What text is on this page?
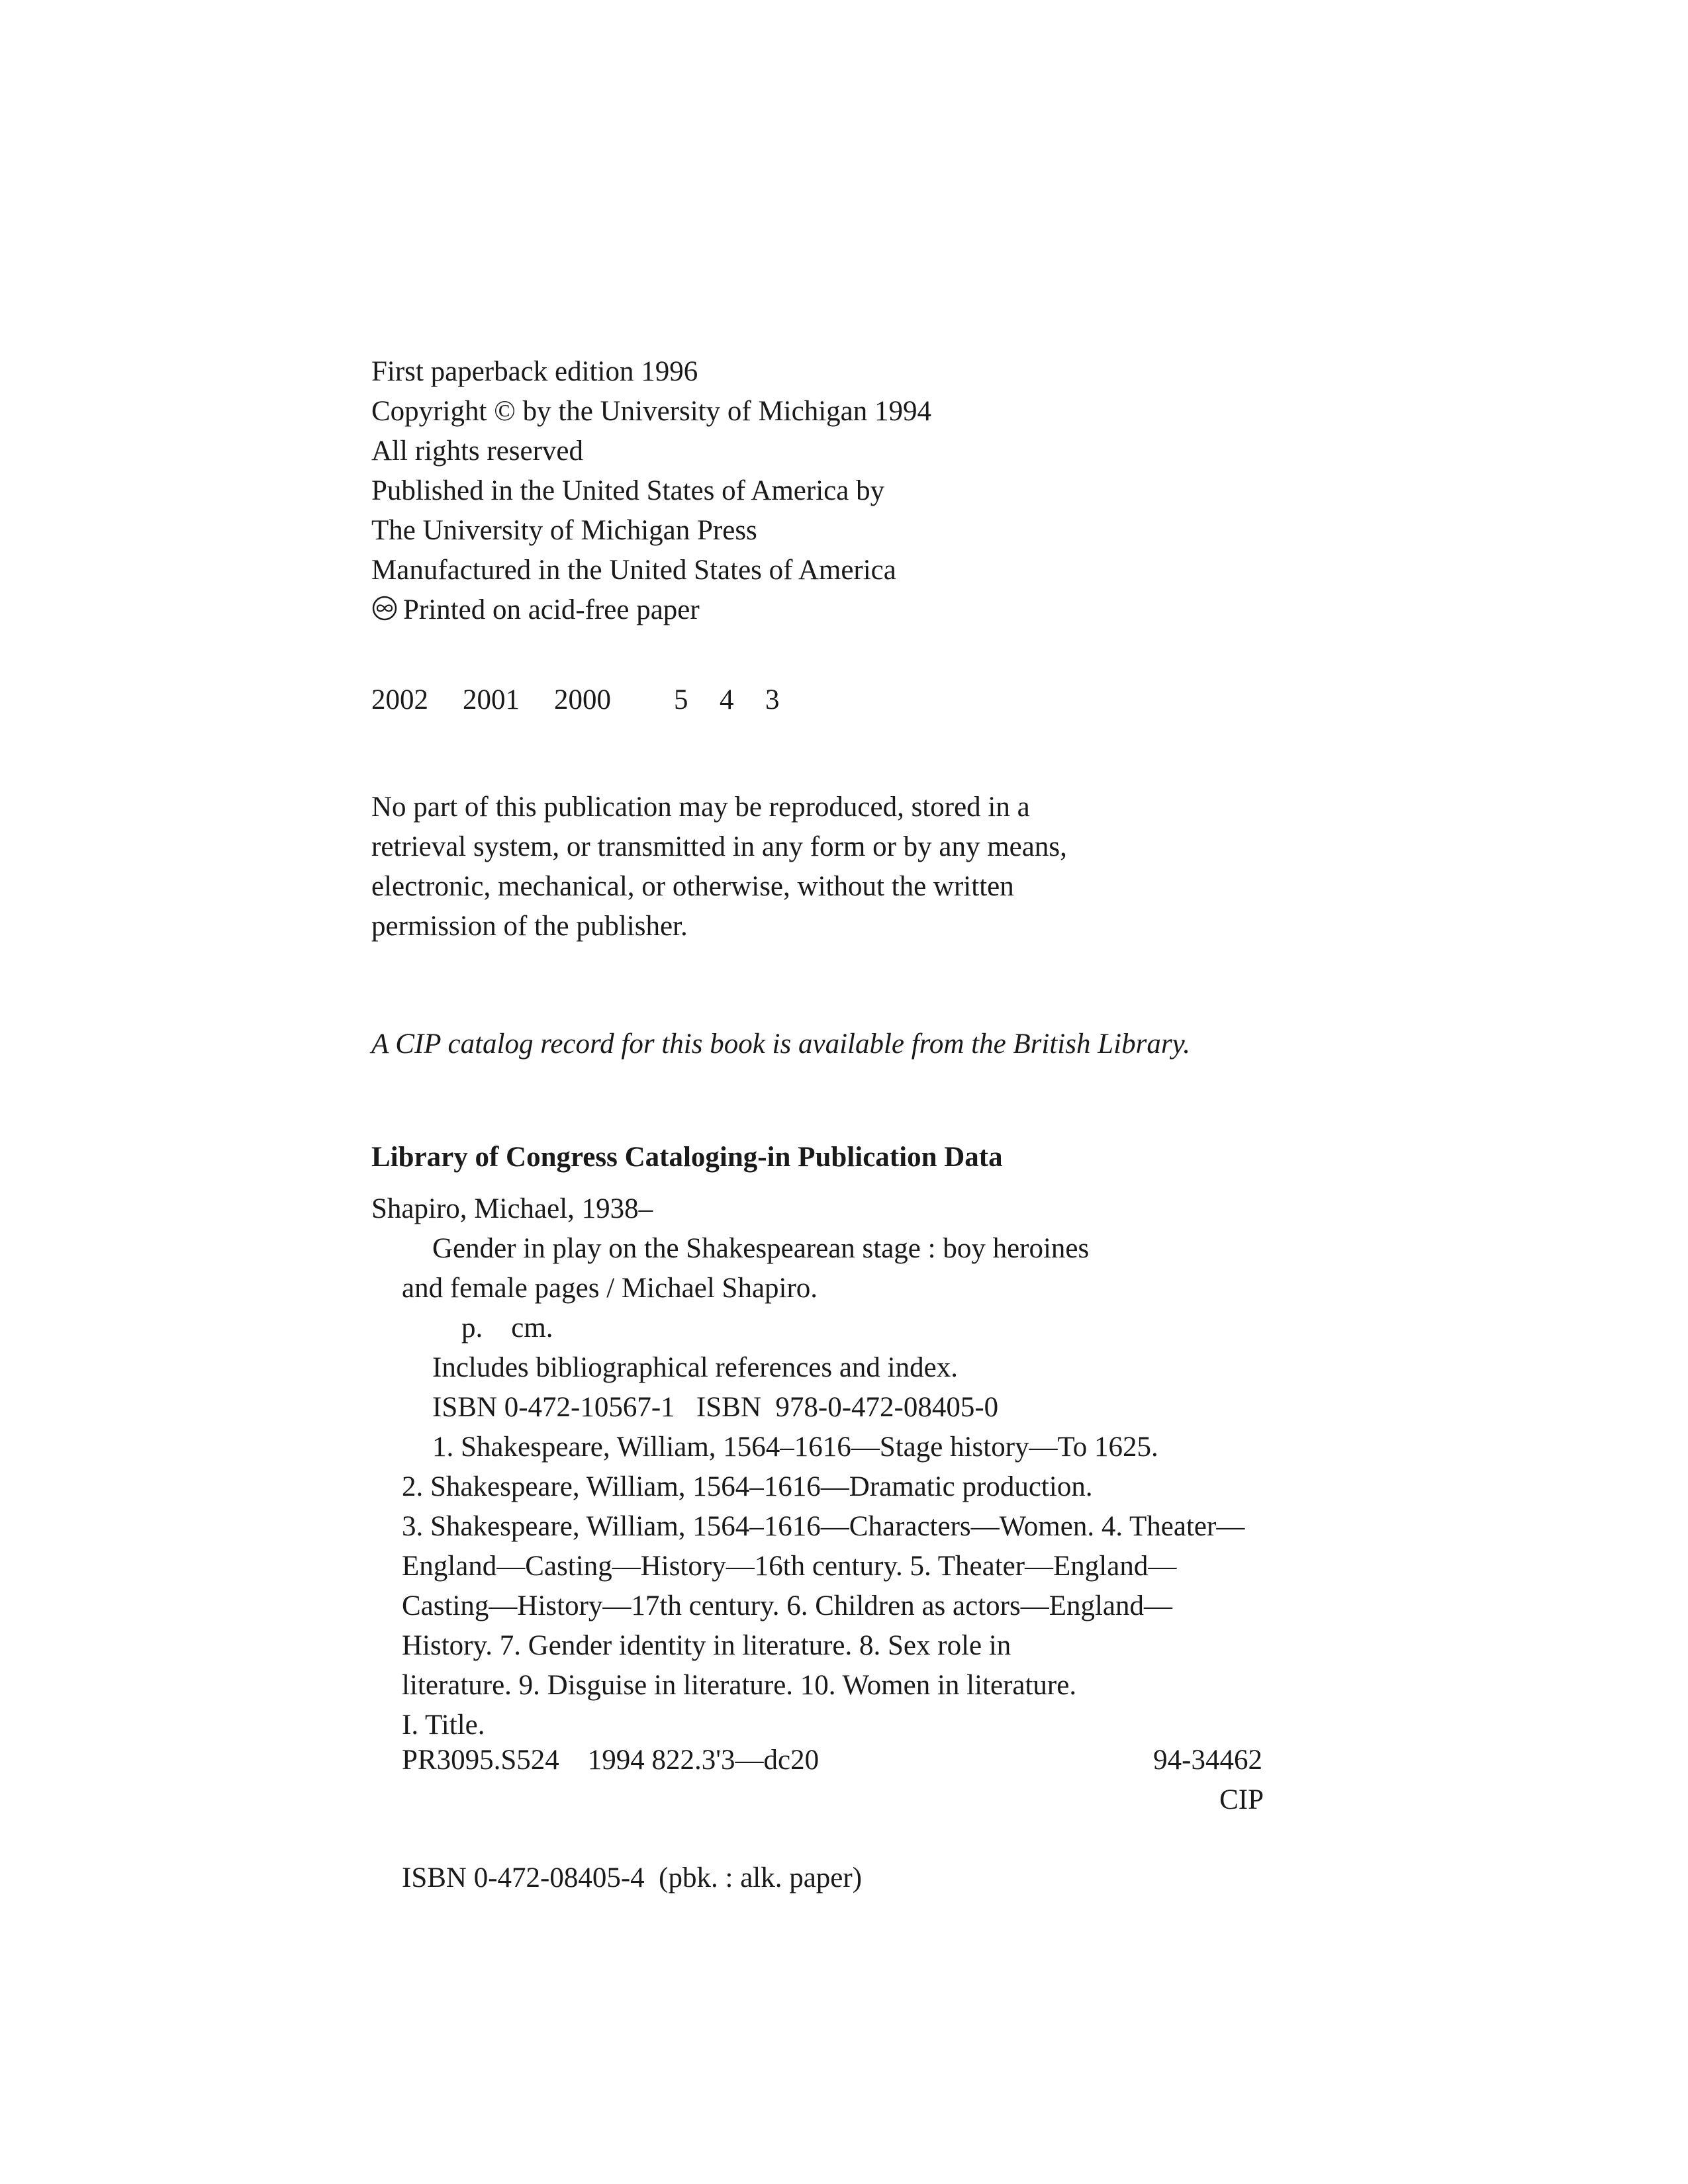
First paperback edition 1996
Copyright © by the University of Michigan 1994
All rights reserved
Published in the United States of America by
The University of Michigan Press
Manufactured in the United States of America
Printed on acid-free paper
2002 2001 2000 5 4 3
No part of this publication may be reproduced, stored in a
retrieval system, or transmitted in any form or by any means,
electronic, mechanical, or otherwise, without the written
permission of the publisher.
A CIP catalog record for this book is available from the British Library.
Library of Congress Cataloging-in Publication Data
Shapiro, Michael, 1938–
Gender in play on the Shakespearean stage : boy heroines
and female pages / Michael Shapiro.
p.    cm.
Includes bibliographical references and index.
ISBN 0-472-10567-1   ISBN  978-0-472-08405-0
1. Shakespeare, William, 1564–1616—Stage history—To 1625.
2. Shakespeare, William, 1564–1616—Dramatic production.
3. Shakespeare, William, 1564–1616—Characters—Women. 4. Theater—
England—Casting—History—16th century. 5. Theater—England—
Casting—History—17th century. 6. Children as actors—England—
History. 7. Gender identity in literature. 8. Sex role in
literature. 9. Disguise in literature. 10. Women in literature.
I. Title.
PR3095.S524    1994 822.3'3—dc20	94-34462
CIP
ISBN 0-472-08405-4  (pbk. : alk. paper)
